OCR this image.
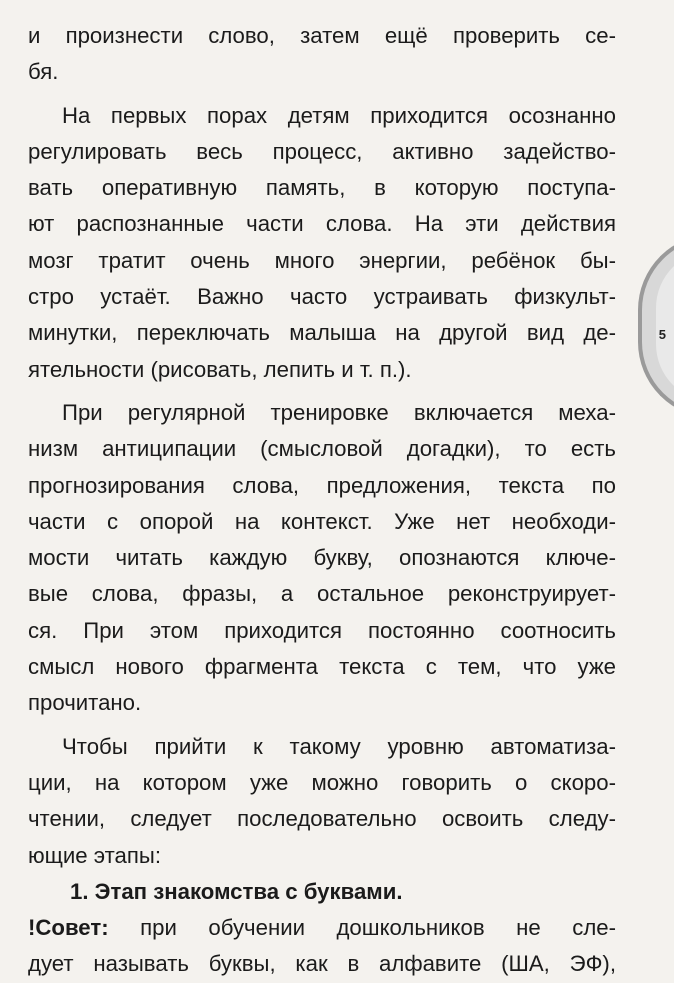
и произнести слово, затем ещё проверить се-
бя.
На первых порах детям приходится осознанно
регулировать весь процесс, активно задейство-
вать оперативную память, в которую поступа-
ют распознанные части слова. На эти действия
мозг тратит очень много энергии, ребёнок бы-
стро устаёт. Важно часто устраивать физкульт-
минутки, переключать малыша на другой вид де-
ятельности (рисовать, лепить и т. п.).
При регулярной тренировке включается меха-
низм антиципации (смысловой догадки), то есть
прогнозирования слова, предложения, текста по
части с опорой на контекст. Уже нет необходи-
мости читать каждую букву, опознаются ключе-
вые слова, фразы, а остальное реконструирует-
ся. При этом приходится постоянно соотносить
смысл нового фрагмента текста с тем, что уже
прочитано.
Чтобы прийти к такому уровню автоматиза-
ции, на котором уже можно говорить о скоро-
чтении, следует последовательно освоить следу-
ющие этапы:
1. Этап знакомства с буквами.
!Совет: при обучении дошкольников не сле-
дует называть буквы, как в алфавите (ША, ЭФ),
5
